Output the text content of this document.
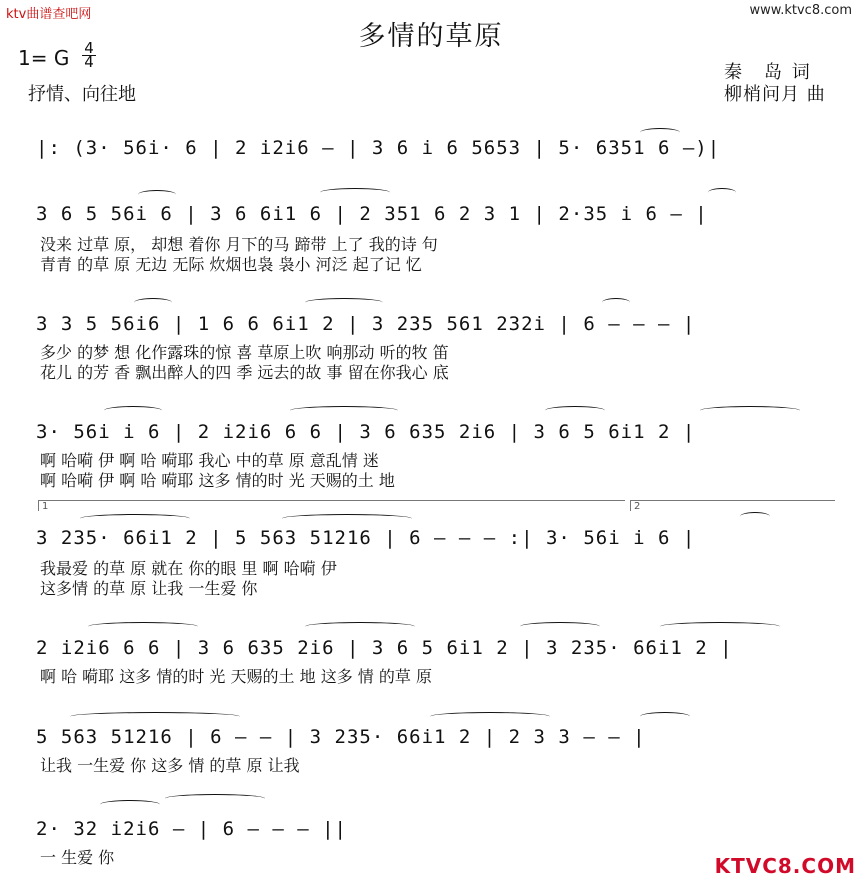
ktv曲谱查吧网	www.ktvc8.com
多情的草原
1= G 4
4
抒情、向往地
秦　岛 词
柳梢问月 曲
|: (3· 56i· 6 | 2 i2i6 — | 3 6 i 6 5653 | 5· 6351 6 —)|
3 6 5 56i 6 | 3 6 6i1 6 | 2 351 6 2 3 1 | 2·35 i 6 — |
没来 过草 原， 却想 着你 月下的马 蹄带 上了 我的诗 句
青青 的草 原 无边 无际 炊烟也袅 袅小 河泛 起了记 忆
3 3 5 56i6 | 1 6 6 6i1 2 | 3 235 561 232i | 6 — — — |
多少 的梦 想 化作露珠的惊 喜 草原上吹 响那动 听的牧 笛
花儿 的芳 香 飘出醉人的四 季 远去的故 事 留在你我心 底
3· 56i i 6 | 2 i2i6 6 6 | 3 6 635 2i6 | 3 6 5 6i1 2 |
啊 哈嗬 伊 啊 哈 嗬耶 我心 中的草 原 意乱情 迷
啊 哈嗬 伊 啊 哈 嗬耶 这多 情的时 光 天赐的土 地
1	2
3 235· 66i1 2 | 5 563 51216 | 6 — — — :| 3· 56i i 6 |
我最爱 的草 原 就在 你的眼 里 啊 哈嗬 伊
这多情 的草 原 让我 一生爱 你
2 i2i6 6 6 | 3 6 635 2i6 | 3 6 5 6i1 2 | 3 235· 66i1 2 |
啊 哈 嗬耶 这多 情的时 光 天赐的土 地 这多 情 的草 原
5 563 51216 | 6 — — | 3 235· 66i1 2 | 2 3 3 — — |
让我 一生爱 你 这多 情 的草 原 让我
2· 32 i2i6 — | 6 — — — ||
一 生爱 你	KTVC8.COM
